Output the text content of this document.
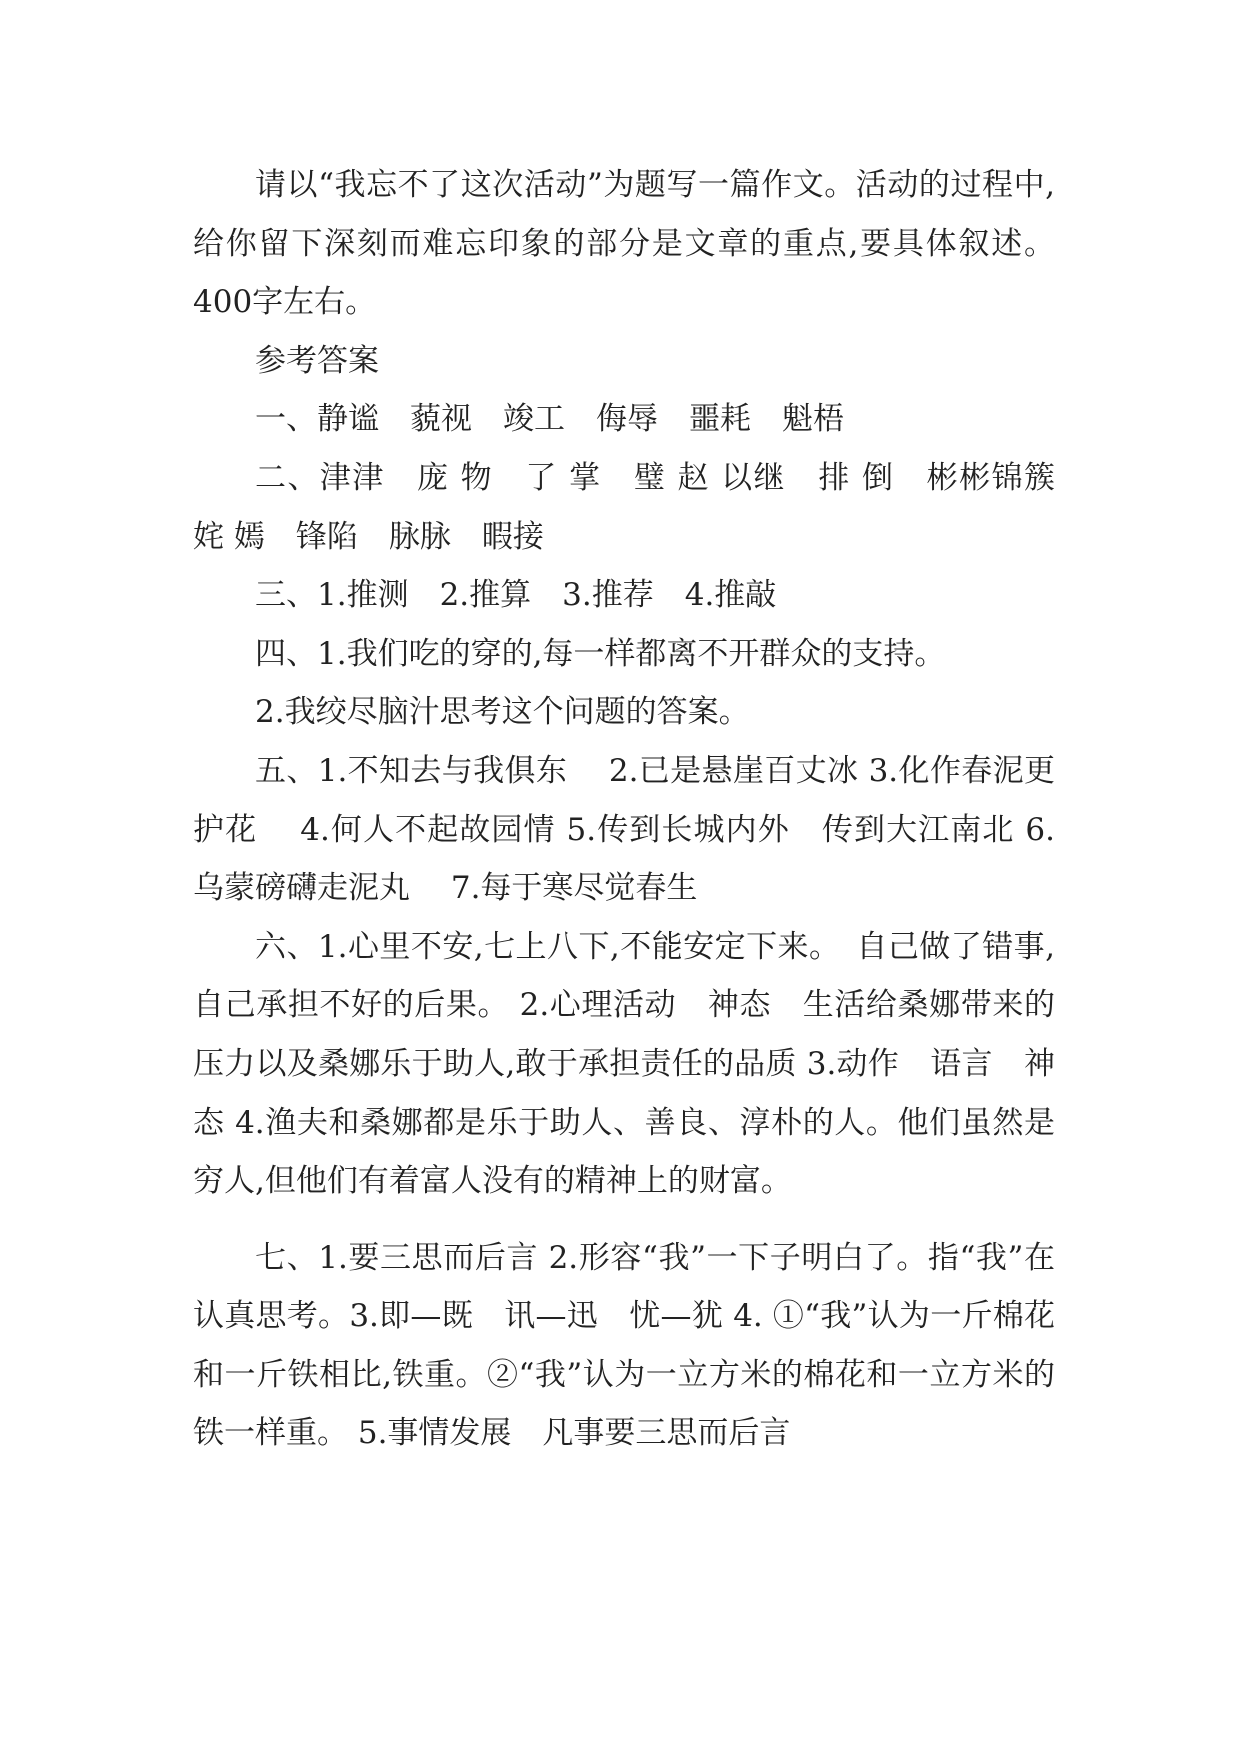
请以“我忘不了这次活动”为题写一篇作文。活动的过程中,给你留下深刻而难忘印象的部分是文章的重点,要具体叙述。400字左右。

参考答案

一、静谧　藐视　竣工　侮辱　噩耗　魁梧

二、津津　庞 物　了 掌　璧 赵 以继　排 倒　彬彬锦簇 姹 嫣　锋陷　脉脉　暇接

三、1.推测　2.推算　3.推荐　4.推敲

四、1.我们吃的穿的,每一样都离不开群众的支持。

2.我绞尽脑汁思考这个问题的答案。

五、1.不知去与我俱东　 2.已是悬崖百丈冰 3.化作春泥更护花　 4.何人不起故园情 5.传到长城内外　传到大江南北 6.乌蒙磅礴走泥丸　 7.每于寒尽觉春生

六、1.心里不安,七上八下,不能安定下来。　自己做了错事,自己承担不好的后果。 2.心理活动　神态　生活给桑娜带来的压力以及桑娜乐于助人,敢于承担责任的品质 3.动作　语言　神态 4.渔夫和桑娜都是乐于助人、善良、淳朴的人。他们虽然是穷人,但他们有着富人没有的精神上的财富。

七、1.要三思而后言 2.形容“我”一下子明白了。指“我”在认真思考。3.即—既　讯—迅　忧—犹 4. ①“我”认为一斤棉花和一斤铁相比,铁重。②“我”认为一立方米的棉花和一立方米的铁一样重。 5.事情发展　凡事要三思而后言
